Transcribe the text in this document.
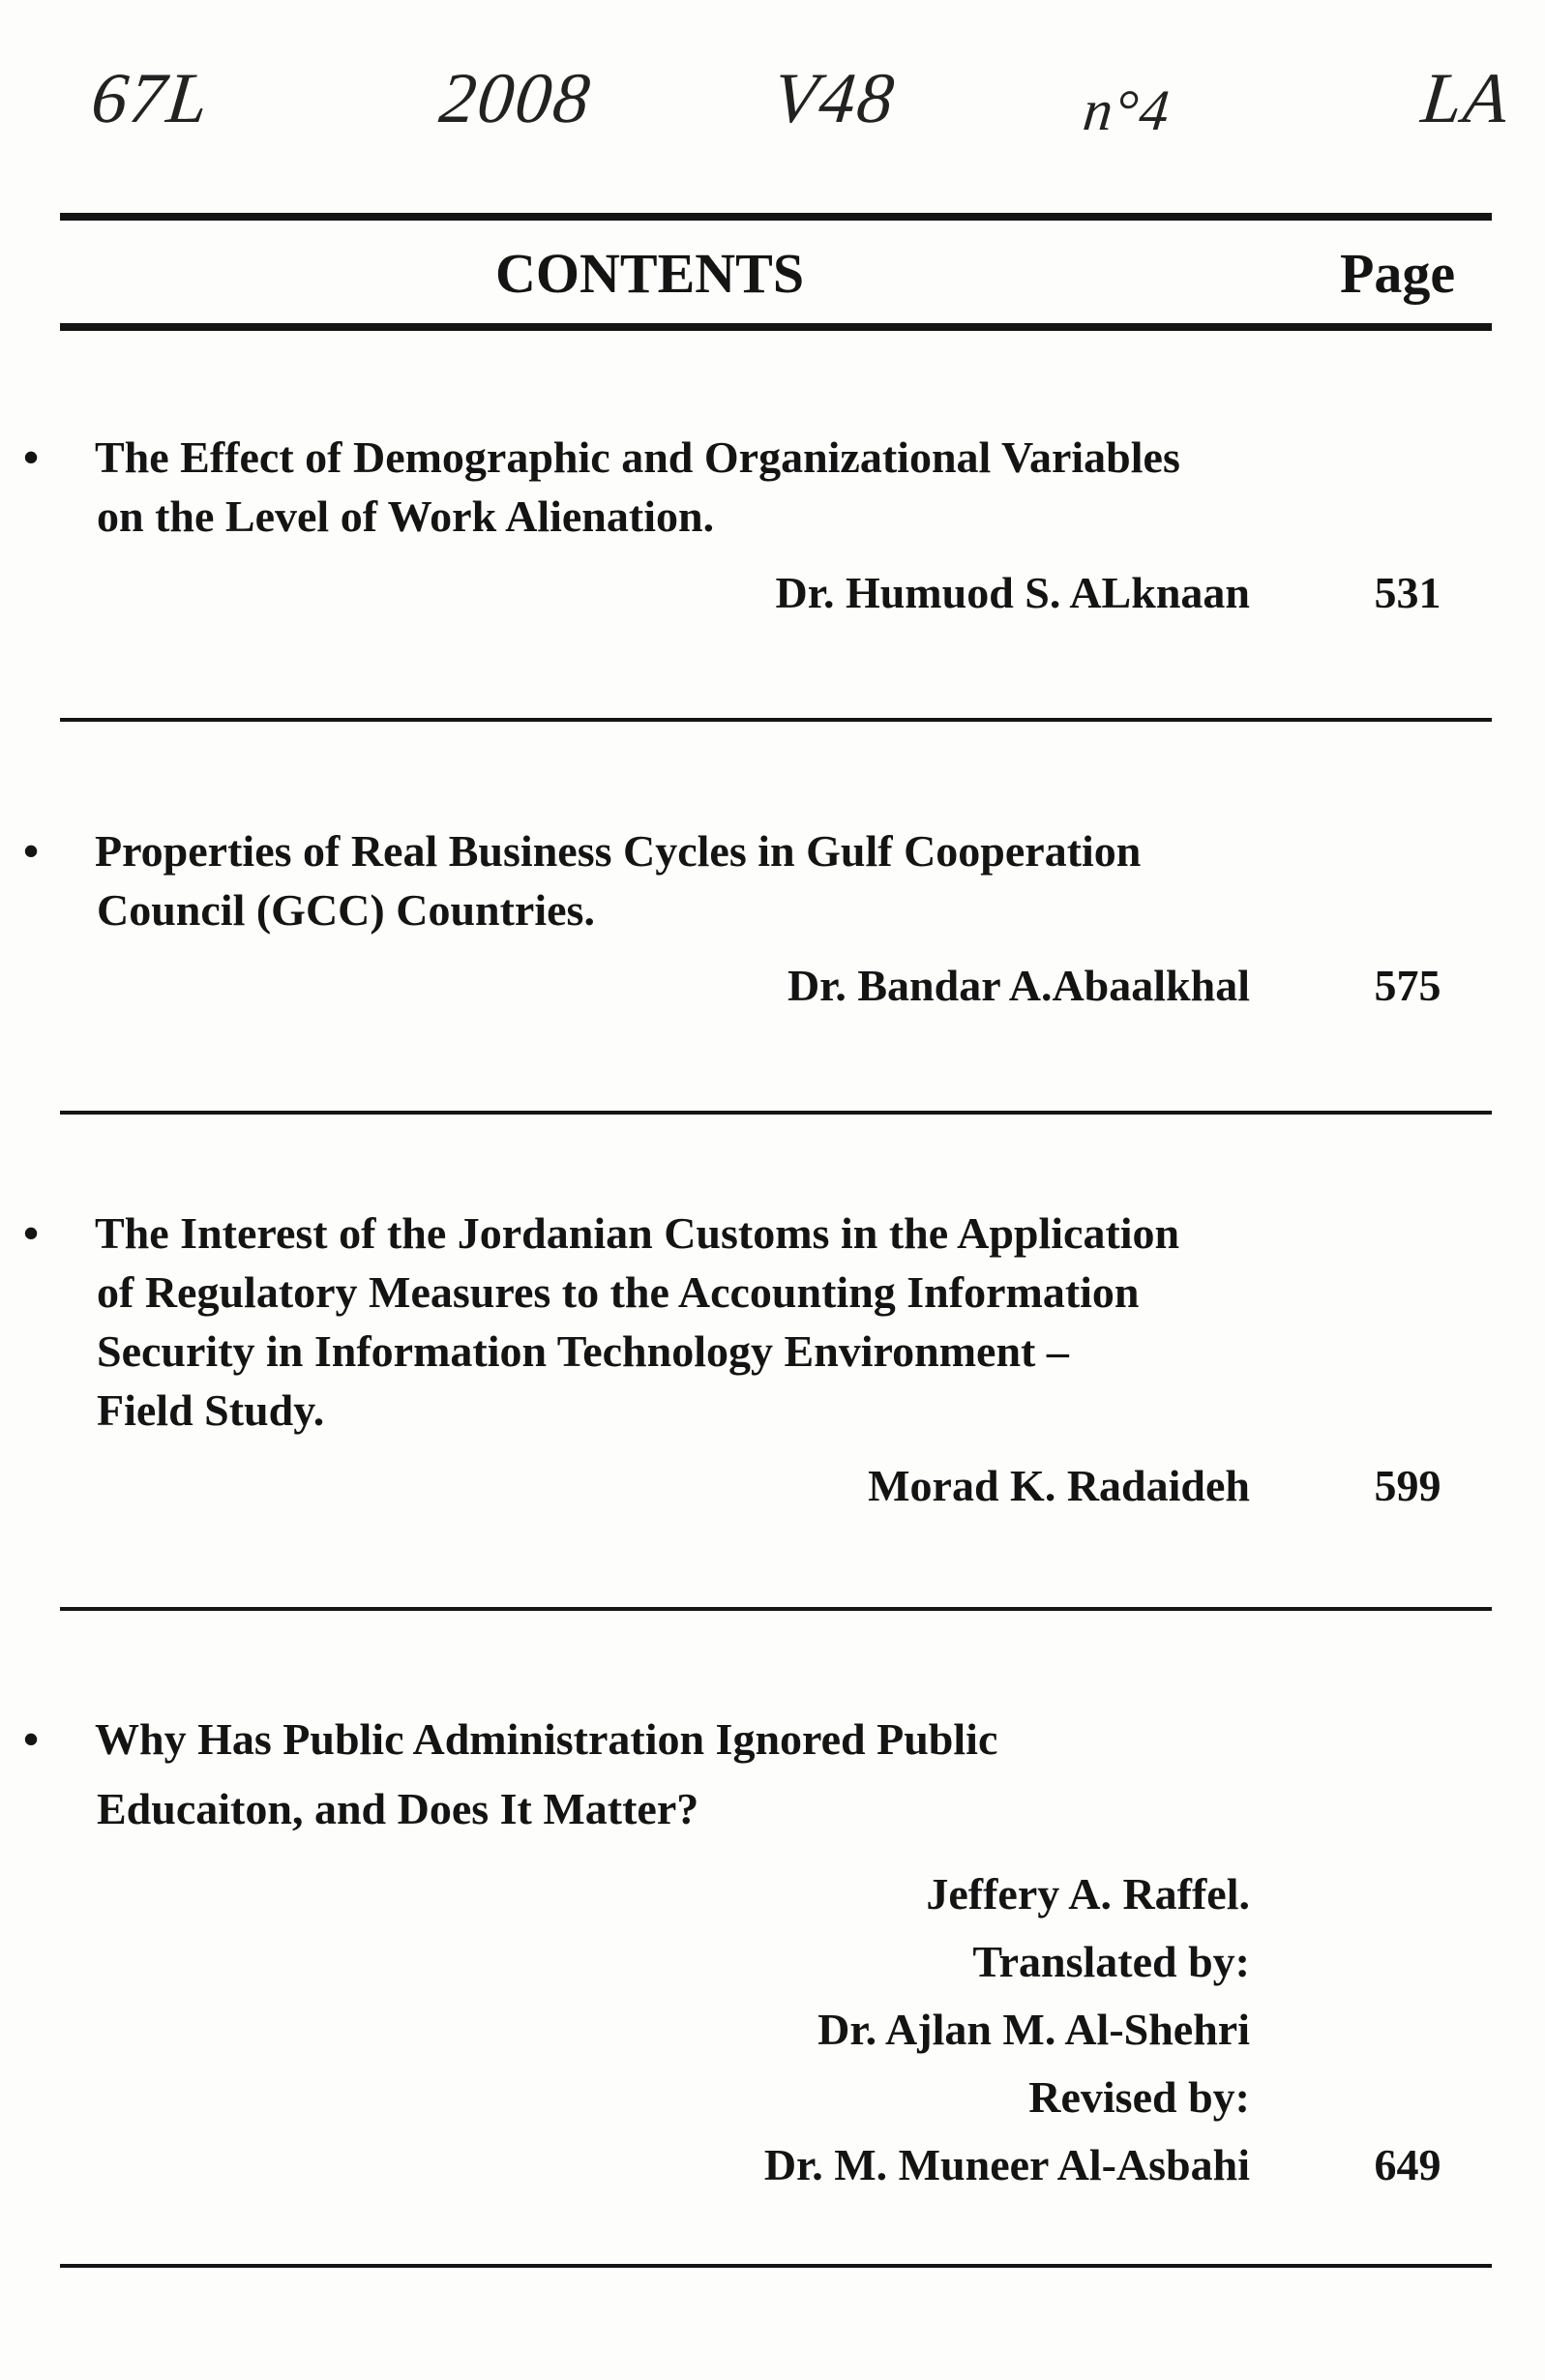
67L	2008 V48	n°4	LA
CONTENTS	Page
• The Effect of Demographic and Organizational Variables
on the Level of Work Alienation.
Dr. Humuod S. ALknaan	531
• Properties of Real Business Cycles in Gulf Cooperation
Council (GCC) Countries.
Dr. Bandar A.Abaalkhal	575
• The Interest of the Jordanian Customs in the Application
of Regulatory Measures to the Accounting Information
Security in Information Technology Environment –
Field Study.
Morad K. Radaideh	599
• Why Has Public Administration Ignored Public
Educaiton, and Does It Matter?
Jeffery A. Raffel.
Translated by:
Dr. Ajlan M. Al-Shehri
Revised by:
Dr. M. Muneer Al-Asbahi	649
